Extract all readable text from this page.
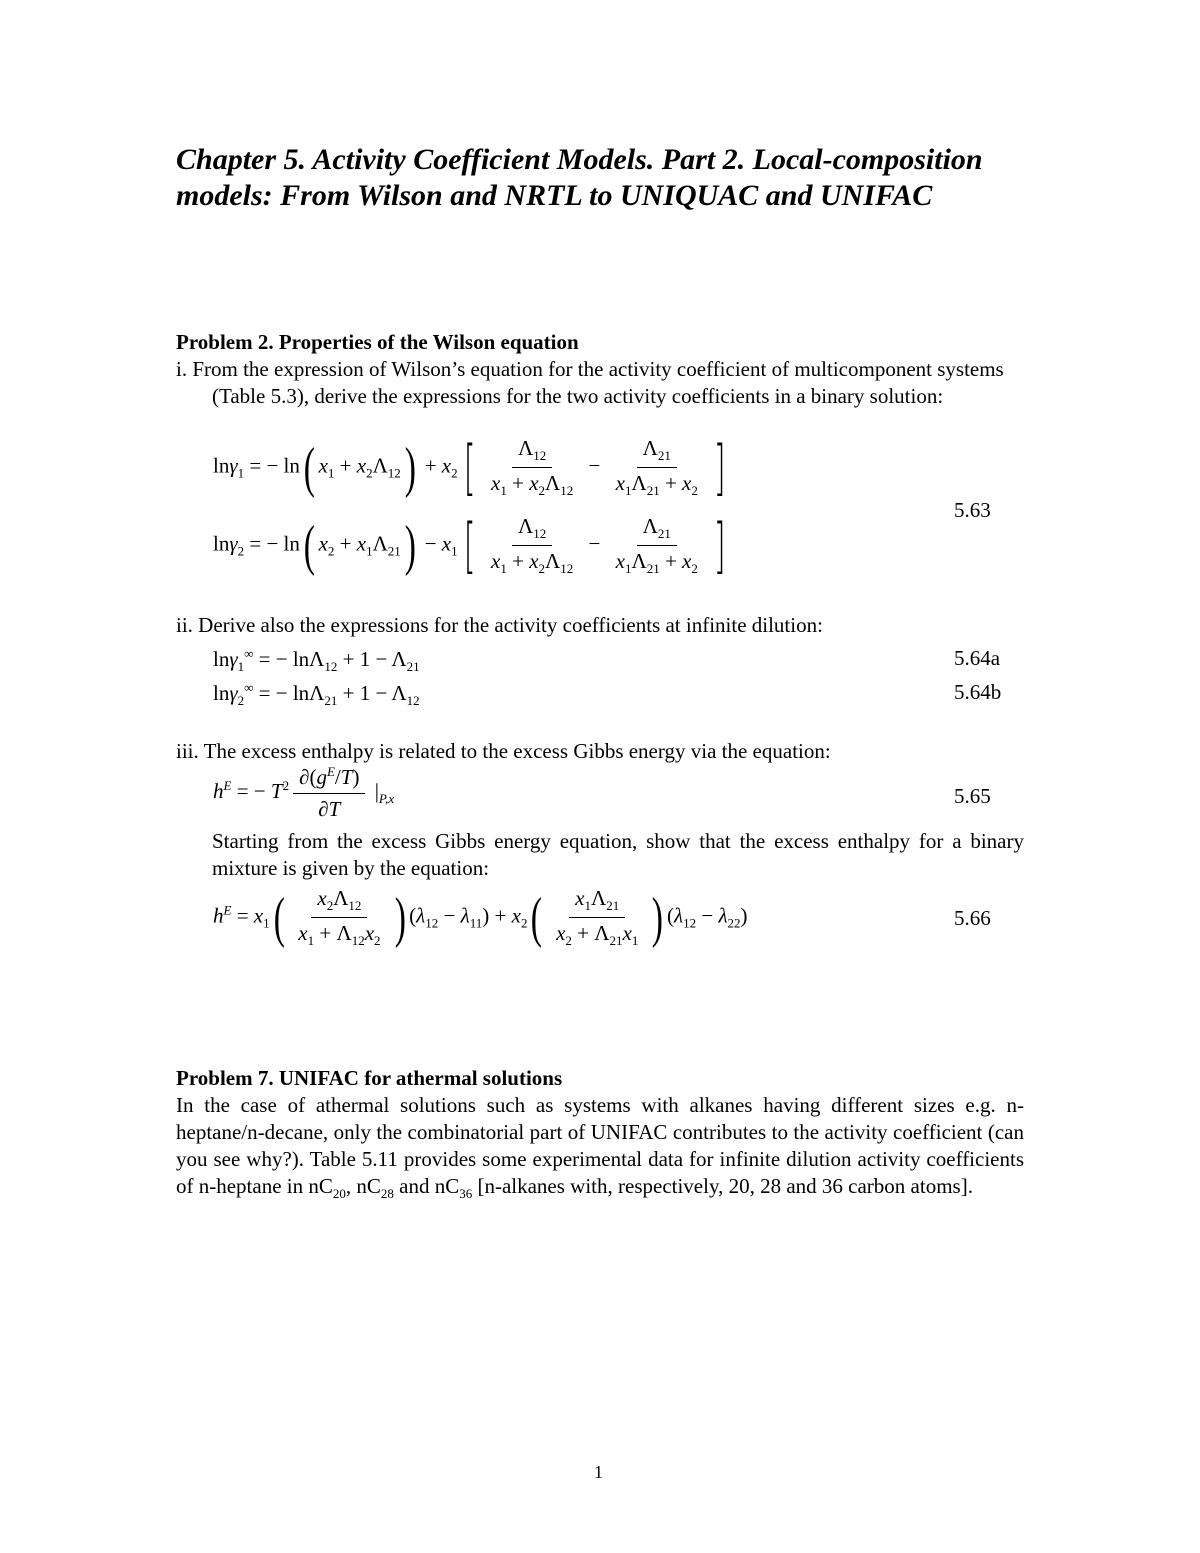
Chapter 5. Activity Coefficient Models. Part 2. Local-composition models: From Wilson and NRTL to UNIQUAC and UNIFAC
Problem 2. Properties of the Wilson equation
i. From the expression of Wilson’s equation for the activity coefficient of multicomponent systems (Table 5.3), derive the expressions for the two activity coefficients in a binary solution:
lnγ$_1$ = − ln( $x_1 + x_2\Lambda_{12}) + x_2[ \frac{\Lambda_{12}}{x_1 + x_2\Lambda_{12}} - \frac{\Lambda_{21}}{x_1\Lambda_{21} + x_2}$ ]
5.63
lnγ$_2$ = − ln( $x_2 + x_1\Lambda_{21}) - x_1[ \frac{\Lambda_{12}}{x_1 + x_2\Lambda_{12}} - \frac{\Lambda_{21}}{x_1\Lambda_{21} + x_2}$ ]
ii. Derive also the expressions for the activity coefficients at infinite dilution:
lnγ$_1$∞ = − $\ln\Lambda_{12} + 1 - \Lambda_{21}$	5.64a
lnγ$_2$∞ = − $\ln\Lambda_{21} + 1 - \Lambda_{12}$	5.64b
iii. The excess enthalpy is related to the excess Gibbs energy via the equation:
$h^E$ = − $T^2 \frac{\partial(g^E/T)}{\partial T} |_{P,x}$	5.65
Starting from the excess Gibbs energy equation, show that the excess enthalpy for a binary mixture is given by the equation:
$h^E = x_1( \frac{x_2\Lambda_{12}}{x_1 + \Lambda_{12}x_2}$ ) $(\lambda_{12} - \lambda_{11}) + x_2( \frac{x_1\Lambda_{21}}{x_2 + \Lambda_{21}x_1}$ ) $(\lambda_{12} - \lambda_{22})$	5.66
Problem 7. UNIFAC for athermal solutions
In the case of athermal solutions such as systems with alkanes having different sizes e.g. n-heptane/n-decane, only the combinatorial part of UNIFAC contributes to the activity coefficient (can you see why?). Table 5.11 provides some experimental data for infinite dilution activity coefficients of n-heptane in $nC_{20}$, $nC_{28}$ and $nC_{36}$ [n-alkanes with, respectively, 20, 28 and 36 carbon atoms].
1
